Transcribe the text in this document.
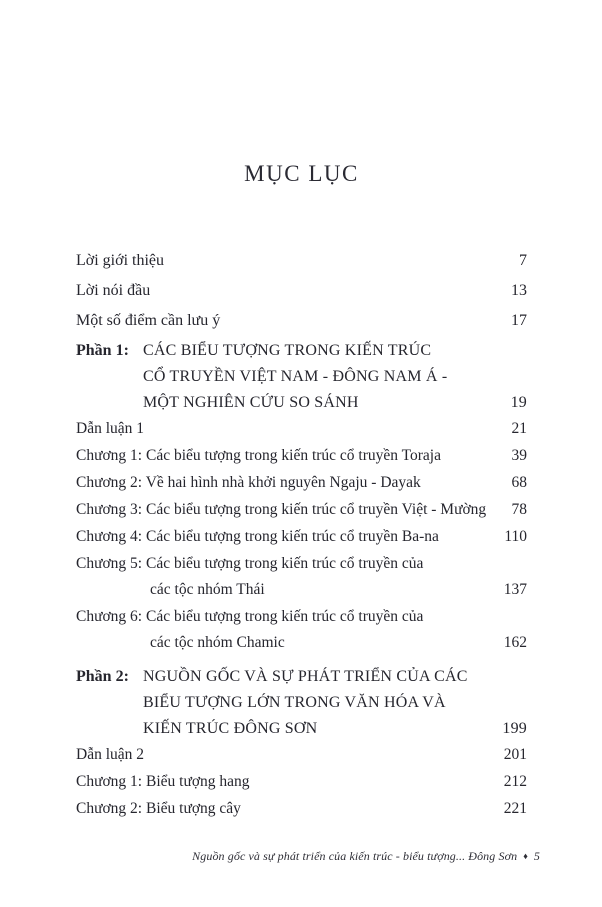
MỤC LỤC
Lời giới thiệu	7
Lời nói đầu	13
Một số điểm cần lưu ý	17
Phần 1: CÁC BIỂU TƯỢNG TRONG KIẾN TRÚC
CỔ TRUYỀN VIỆT NAM - ĐÔNG NAM Á -
MỘT NGHIÊN CỨU SO SÁNH	19
Dẫn luận 1	21
Chương 1: Các biểu tượng trong kiến trúc cổ truyền Toraja	39
Chương 2: Về hai hình nhà khởi nguyên Ngaju - Dayak	68
Chương 3: Các biểu tượng trong kiến trúc cổ truyền Việt - Mường	78
Chương 4: Các biểu tượng trong kiến trúc cổ truyền Ba-na	110
Chương 5: Các biểu tượng trong kiến trúc cổ truyền của
các tộc nhóm Thái	137
Chương 6: Các biểu tượng trong kiến trúc cổ truyền của
các tộc nhóm Chamic	162
Phần 2: NGUỒN GỐC VÀ SỰ PHÁT TRIỂN CỦA CÁC
BIỂU TƯỢNG LỚN TRONG VĂN HÓA VÀ
KIẾN TRÚC ĐÔNG SƠN	199
Dẫn luận 2	201
Chương 1: Biểu tượng hang	212
Chương 2: Biểu tượng cây	221
Nguồn gốc và sự phát triển của kiến trúc - biểu tượng... Đông Sơn ♦ 5
